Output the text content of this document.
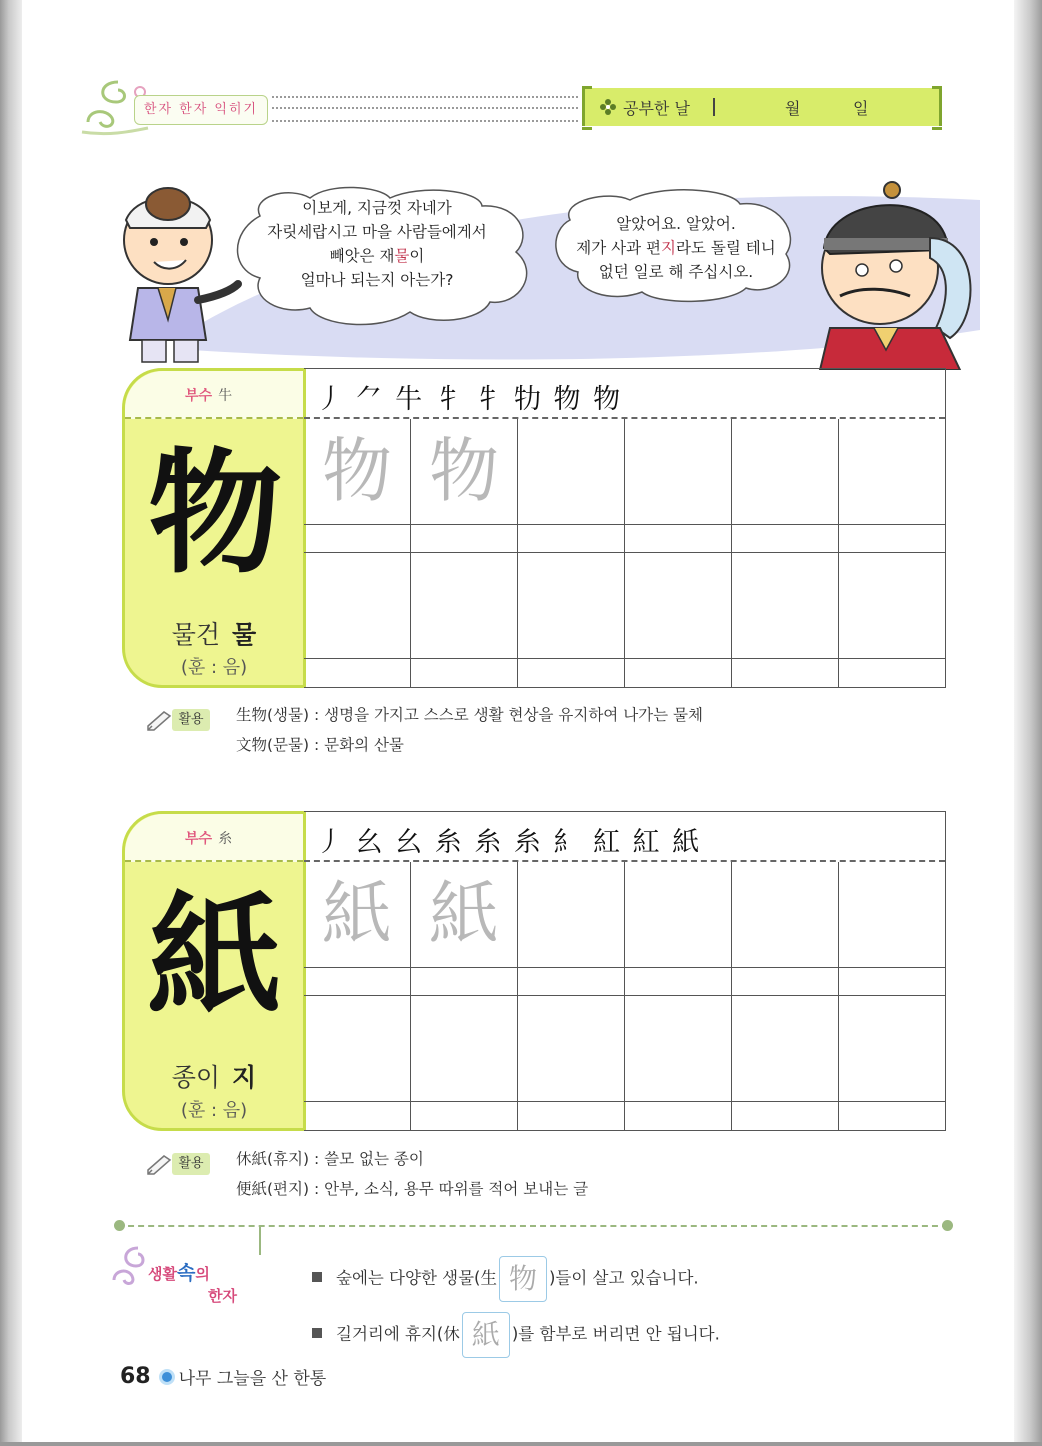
한자 한자 익히기	공부한 날	월	일
이보게, 지금껏 자네가
자릿세랍시고 마을 사람들에게서
빼앗은 재물이
얼마나 되는지 아는가?
알았어요. 알았어.
제가 사과 편지라도 돌릴 테니
없던 일로 해 주십시오.
부수 牛
物
물건 물
(훈 : 음)
丿 ⺈ 牛 牜 牜 牞 物 物
物 物
활용	生物(생물) : 생명을 가지고 스스로 생활 현상을 유지하여 나가는 물체
文物(문물) : 문화의 산물
부수 糸
紙
종이 지
(훈 : 음)
丿 幺 幺 糸 糸 糸 糹 紅 紅 紙
紙 紙
활용	休紙(휴지) : 쓸모 없는 종이
便紙(편지) : 안부, 소식, 용무 따위를 적어 보내는 글
생활속의
한자
숲에는 다양한 생물(生 物 )들이 살고 있습니다.
길거리에 휴지(休 紙 )를 함부로 버리면 안 됩니다.
68 나무 그늘을 산 한통
